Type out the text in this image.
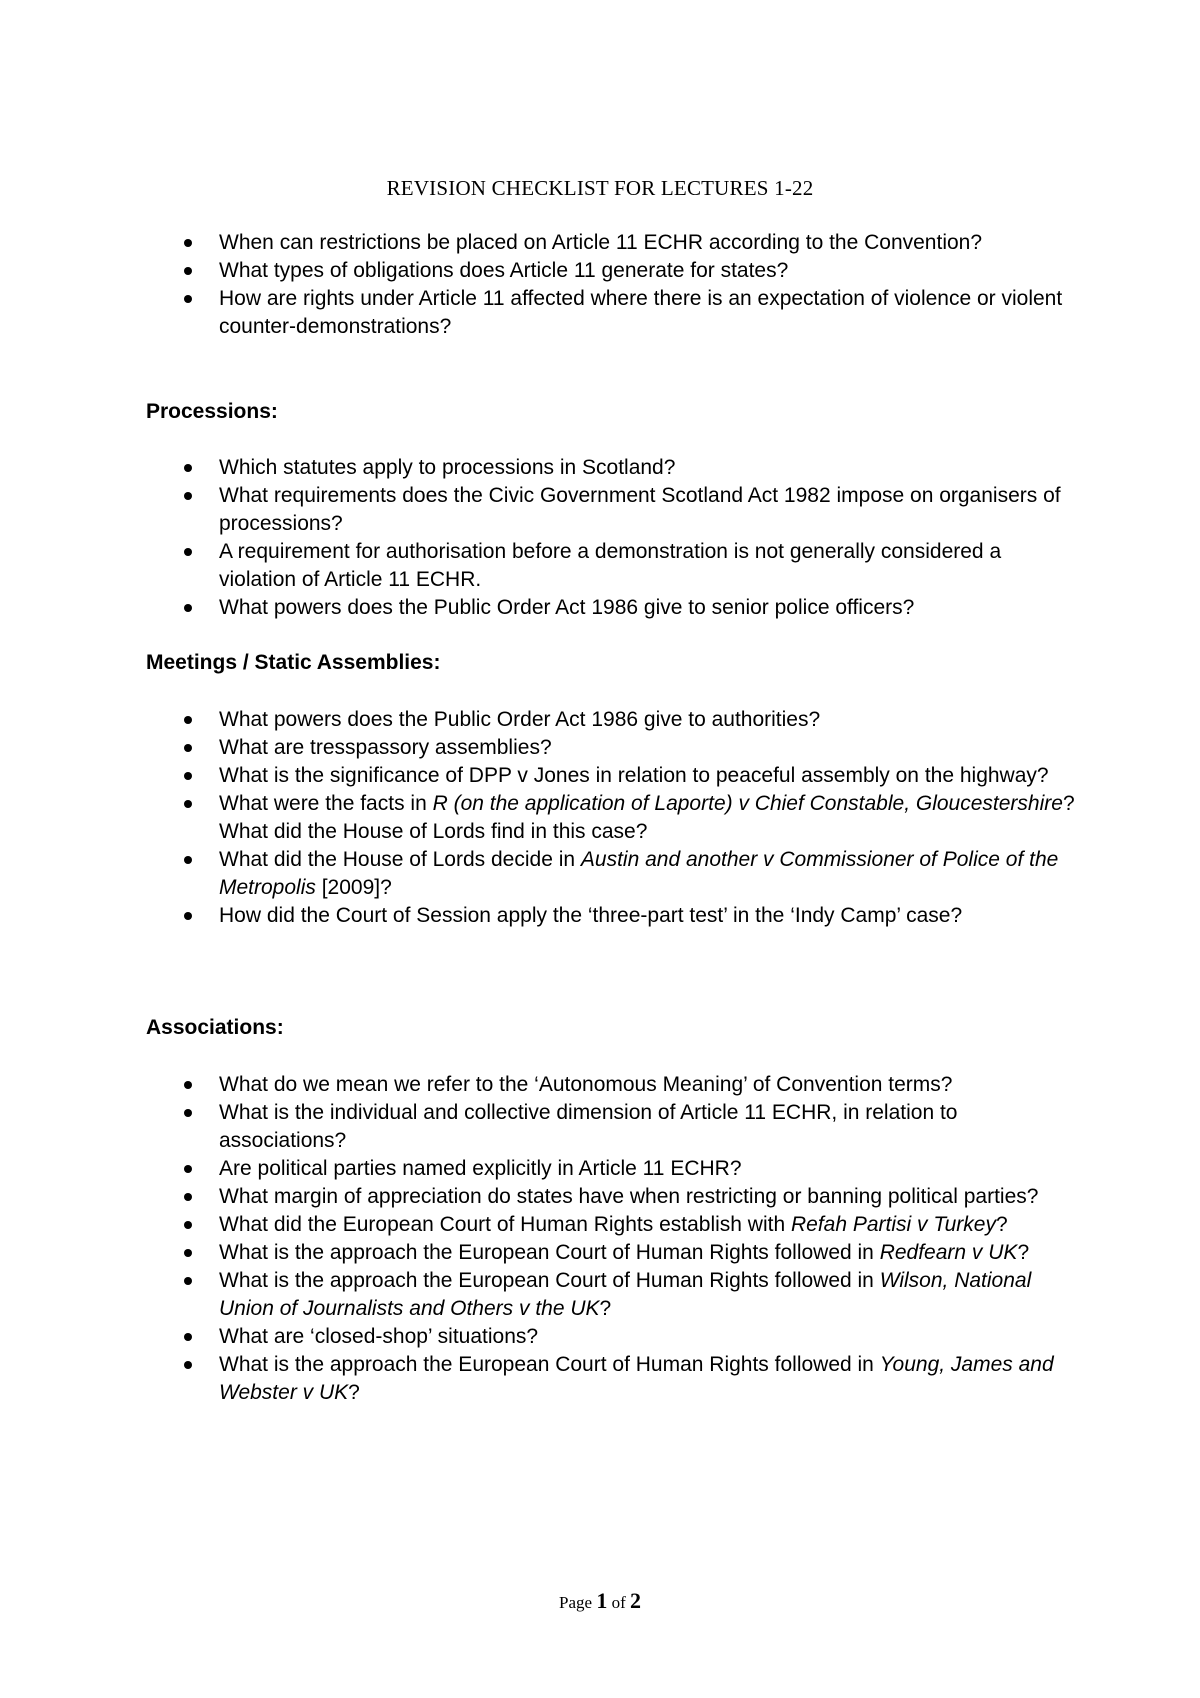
REVISION CHECKLIST FOR LECTURES 1-22
When can restrictions be placed on Article 11 ECHR according to the Convention?
What types of obligations does Article 11 generate for states?
How are rights under Article 11 affected where there is an expectation of violence or violent counter-demonstrations?
Processions:
Which statutes apply to processions in Scotland?
What requirements does the Civic Government Scotland Act 1982 impose on organisers of processions?
A requirement for authorisation before a demonstration is not generally considered a violation of Article 11 ECHR.
What powers does the Public Order Act 1986 give to senior police officers?
Meetings / Static Assemblies:
What powers does the Public Order Act 1986 give to authorities?
What are tresspassory assemblies?
What is the significance of DPP v Jones in relation to peaceful assembly on the highway?
What were the facts in R (on the application of Laporte) v Chief Constable, Gloucestershire? What did the House of Lords find in this case?
What did the House of Lords decide in Austin and another v Commissioner of Police of the Metropolis [2009]?
How did the Court of Session apply the ‘three-part test’ in the ‘Indy Camp’ case?
Associations:
What do we mean we refer to the ‘Autonomous Meaning’ of Convention terms?
What is the individual and collective dimension of Article 11 ECHR, in relation to associations?
Are political parties named explicitly in Article 11 ECHR?
What margin of appreciation do states have when restricting or banning political parties?
What did the European Court of Human Rights establish with Refah Partisi v Turkey?
What is the approach the European Court of Human Rights followed in Redfearn v UK?
What is the approach the European Court of Human Rights followed in Wilson, National Union of Journalists and Others v the UK?
What are ‘closed-shop’ situations?
What is the approach the European Court of Human Rights followed in Young, James and Webster v UK?
Page 1 of 2
